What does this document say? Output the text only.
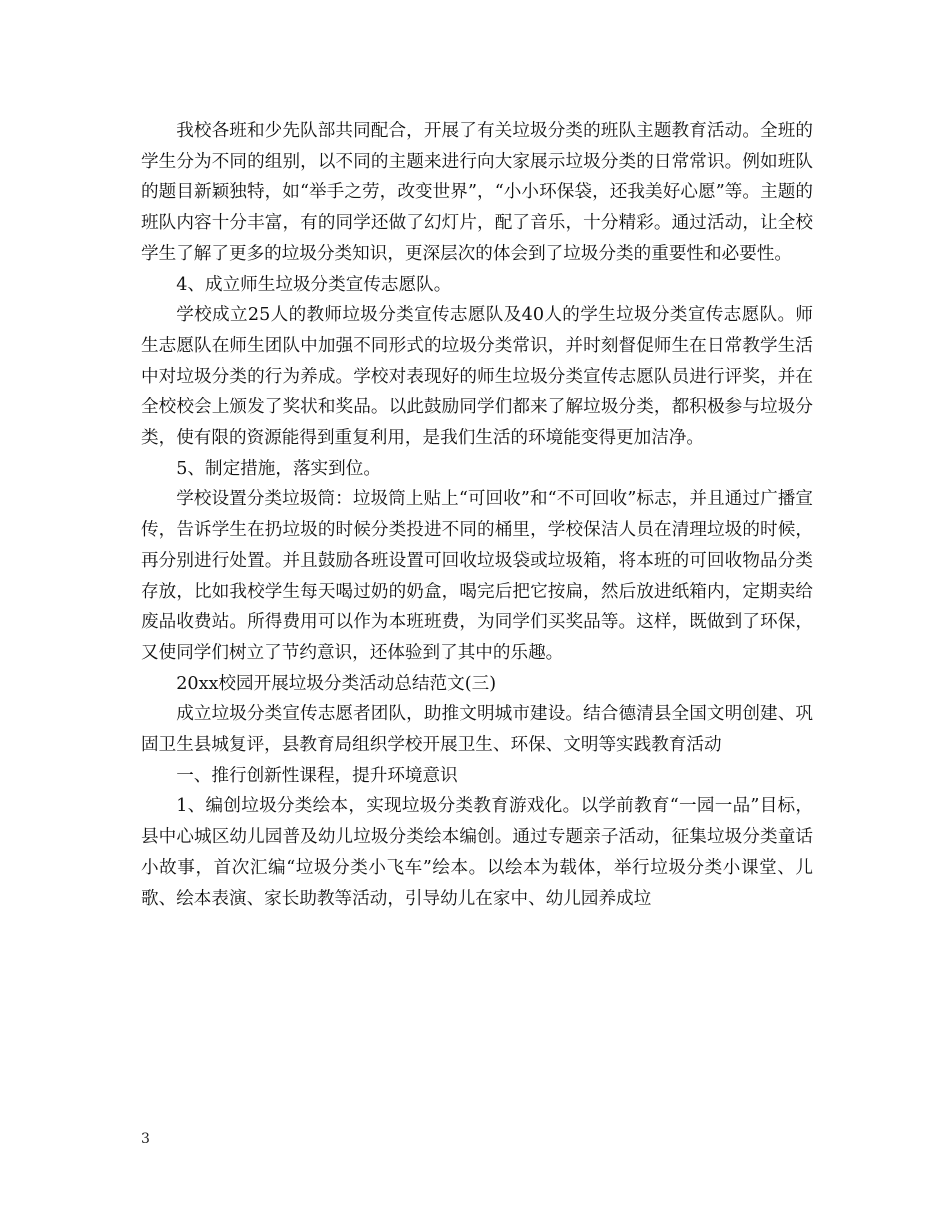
我校各班和少先队部共同配合，开展了有关垃圾分类的班队主题教育活动。全班的学生分为不同的组别，以不同的主题来进行向大家展示垃圾分类的日常常识。例如班队的题目新颖独特，如“举手之劳，改变世界”，“小小环保袋，还我美好心愿”等。主题的班队内容十分丰富，有的同学还做了幻灯片，配了音乐，十分精彩。通过活动，让全校学生了解了更多的垃圾分类知识，更深层次的体会到了垃圾分类的重要性和必要性。

4、成立师生垃圾分类宣传志愿队。

学校成立25人的教师垃圾分类宣传志愿队及40人的学生垃圾分类宣传志愿队。师生志愿队在师生团队中加强不同形式的垃圾分类常识，并时刻督促师生在日常教学生活中对垃圾分类的行为养成。学校对表现好的师生垃圾分类宣传志愿队员进行评奖，并在全校校会上颁发了奖状和奖品。以此鼓励同学们都来了解垃圾分类，都积极参与垃圾分类，使有限的资源能得到重复利用，是我们生活的环境能变得更加洁净。

5、制定措施，落实到位。

学校设置分类垃圾筒：垃圾筒上贴上“可回收”和“不可回收”标志，并且通过广播宣传，告诉学生在扔垃圾的时候分类投进不同的桶里，学校保洁人员在清理垃圾的时候，再分别进行处置。并且鼓励各班设置可回收垃圾袋或垃圾箱，将本班的可回收物品分类存放，比如我校学生每天喝过奶的奶盒，喝完后把它按扁，然后放进纸箱内，定期卖给废品收费站。所得费用可以作为本班班费，为同学们买奖品等。这样，既做到了环保，又使同学们树立了节约意识，还体验到了其中的乐趣。

20xx校园开展垃圾分类活动总结范文(三)

成立垃圾分类宣传志愿者团队，助推文明城市建设。结合德清县全国文明创建、巩固卫生县城复评，县教育局组织学校开展卫生、环保、文明等实践教育活动

一、推行创新性课程，提升环境意识

1、编创垃圾分类绘本，实现垃圾分类教育游戏化。以学前教育“一园一品”目标，县中心城区幼儿园普及幼儿垃圾分类绘本编创。通过专题亲子活动，征集垃圾分类童话小故事，首次汇编“垃圾分类小飞车”绘本。以绘本为载体，举行垃圾分类小课堂、儿歌、绘本表演、家长助教等活动，引导幼儿在家中、幼儿园养成垃

3
